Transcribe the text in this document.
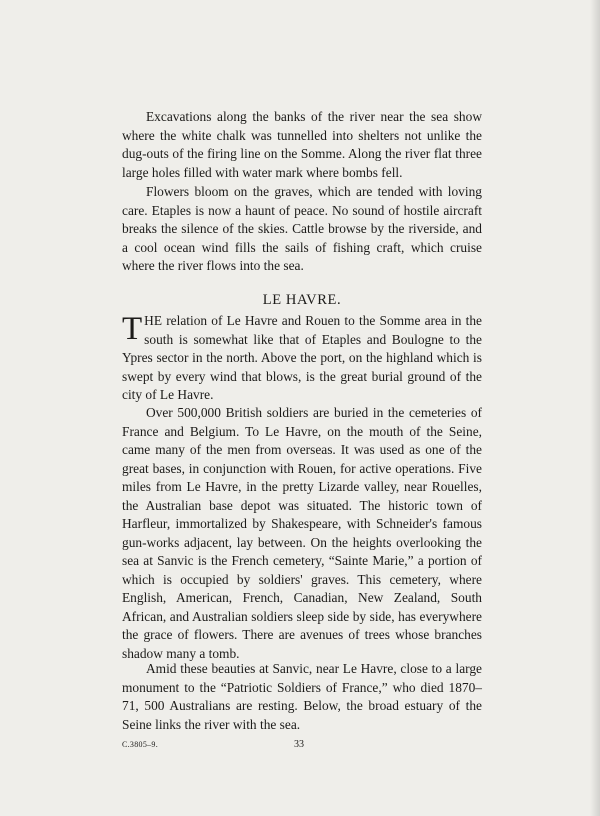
Excavations along the banks of the river near the sea show where the white chalk was tunnelled into shelters not unlike the dug-outs of the firing line on the Somme. Along the river flat three large holes filled with water mark where bombs fell.

Flowers bloom on the graves, which are tended with loving care. Etaples is now a haunt of peace. No sound of hostile aircraft breaks the silence of the skies. Cattle browse by the riverside, and a cool ocean wind fills the sails of fishing craft, which cruise where the river flows into the sea.

LE HAVRE.

THE relation of Le Havre and Rouen to the Somme area in the south is somewhat like that of Etaples and Boulogne to the Ypres sector in the north. Above the port, on the highland which is swept by every wind that blows, is the great burial ground of the city of Le Havre.

Over 500,000 British soldiers are buried in the cemeteries of France and Belgium. To Le Havre, on the mouth of the Seine, came many of the men from overseas. It was used as one of the great bases, in conjunction with Rouen, for active operations. Five miles from Le Havre, in the pretty Lizarde valley, near Rouelles, the Australian base depot was situated. The historic town of Harfleur, immortalized by Shakespeare, with Schneider's famous gun-works adjacent, lay between. On the heights overlooking the sea at Sanvic is the French cemetery, “Sainte Marie,” a portion of which is occupied by soldiers' graves. This cemetery, where English, American, French, Canadian, New Zealand, South African, and Australian soldiers sleep side by side, has everywhere the grace of flowers. There are avenues of trees whose branches shadow many a tomb.

Amid these beauties at Sanvic, near Le Havre, close to a large monument to the “Patriotic Soldiers of France,” who died 1870–71, 500 Australians are resting. Below, the broad estuary of the Seine links the river with the sea.

C.3805–9.	33
